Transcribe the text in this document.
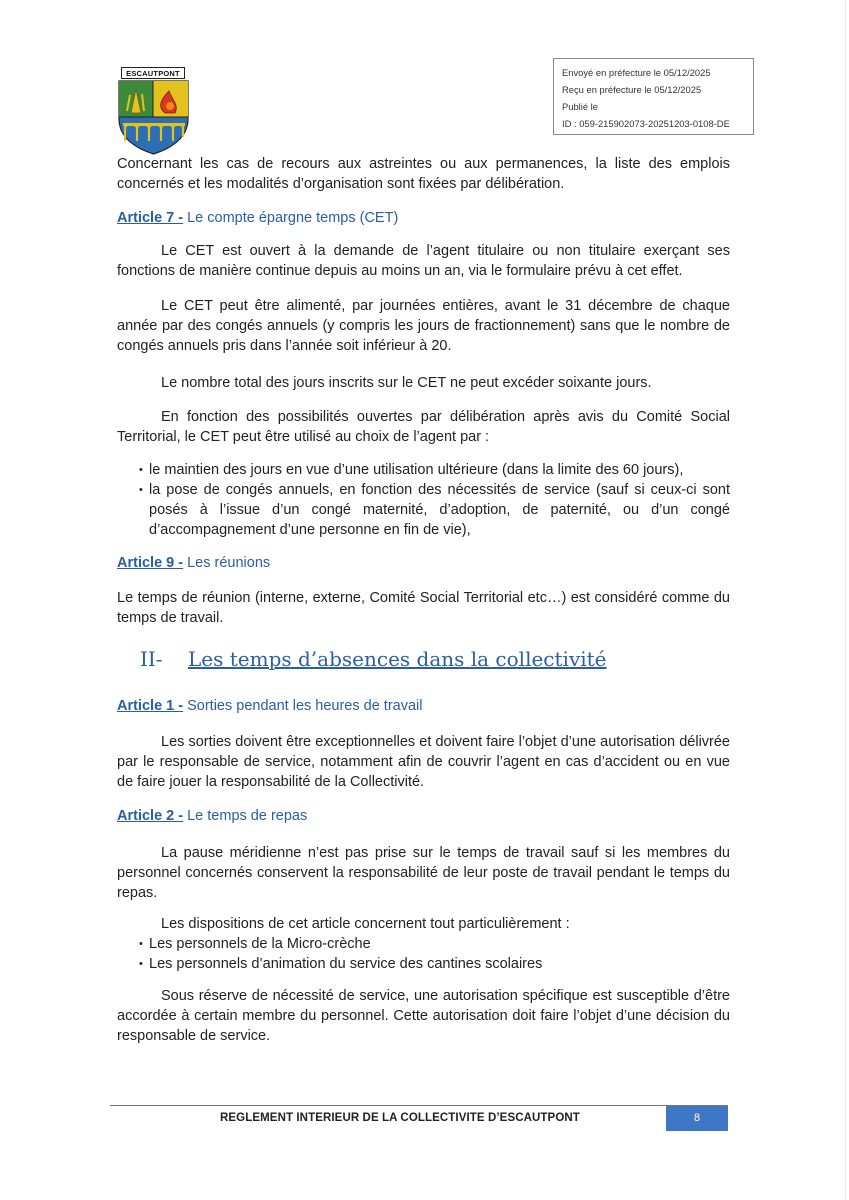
ESCAUTPONT	Envoyé en préfecture le 05/12/2025
Reçu en préfecture le 05/12/2025
Publié le
ID : 059-215902073-20251203-0108-DE

Concernant les cas de recours aux astreintes ou aux permanences, la liste des emplois concernés et les modalités d’organisation sont fixées par délibération.

Article 7 - Le compte épargne temps (CET)

Le CET est ouvert à la demande de l’agent titulaire ou non titulaire exerçant ses fonctions de manière continue depuis au moins un an, via le formulaire prévu à cet effet.

Le CET peut être alimenté, par journées entières, avant le 31 décembre de chaque année par des congés annuels (y compris les jours de fractionnement) sans que le nombre de congés annuels pris dans l’année soit inférieur à 20.

Le nombre total des jours inscrits sur le CET ne peut excéder soixante jours.

En fonction des possibilités ouvertes par délibération après avis du Comité Social Territorial, le CET peut être utilisé au choix de l’agent par :

• le maintien des jours en vue d’une utilisation ultérieure (dans la limite des 60 jours),
• la pose de congés annuels, en fonction des nécessités de service (sauf si ceux-ci sont posés à l’issue d’un congé maternité, d’adoption, de paternité, ou d’un congé d’accompagnement d’une personne en fin de vie),
Article 9 - Les réunions

Le temps de réunion (interne, externe, Comité Social Territorial etc…) est considéré comme du temps de travail.

II- Les temps d’absences dans la collectivité
Article 1 - Sorties pendant les heures de travail

Les sorties doivent être exceptionnelles et doivent faire l’objet d’une autorisation délivrée par le responsable de service, notamment afin de couvrir l’agent en cas d’accident ou en vue de faire jouer la responsabilité de la Collectivité.

Article 2 - Le temps de repas

La pause méridienne n’est pas prise sur le temps de travail sauf si les membres du personnel concernés conservent la responsabilité de leur poste de travail pendant le temps du repas.

Les dispositions de cet article concernent tout particulièrement :

• Les personnels de la Micro-crèche
• Les personnels d’animation du service des cantines scolaires

Sous réserve de nécessité de service, une autorisation spécifique est susceptible d’être accordée à certain membre du personnel. Cette autorisation doit faire l’objet d’une décision du responsable de service.

REGLEMENT INTERIEUR DE LA COLLECTIVITE D’ESCAUTPONT	8
